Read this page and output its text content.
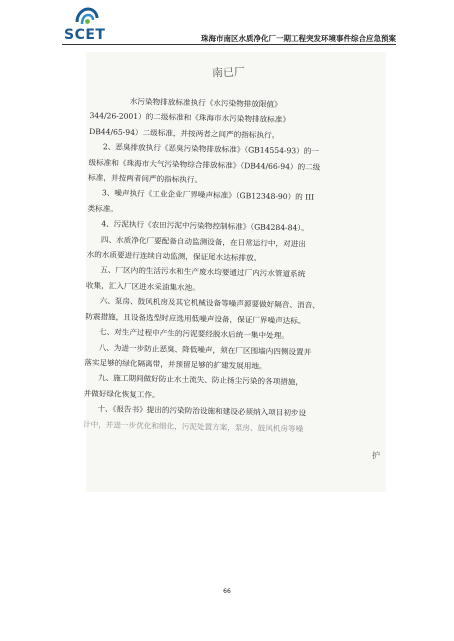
SCET	珠海市南区水质净化厂一期工程突发环境事件综合应急预案
南已厂
水污染物排放标准执行《水污染物排放限值》
344/26-2001）的二级标准和《珠海市水污染物排放标准》
DB44/65-94）二级标准，并按两者之间严的指标执行。
2、恶臭排放执行《恶臭污染物排放标准》（GB14554-93）的一
级标准和《珠海市大气污染物综合排放标准》（DB44/66-94）的二级
标准，并按两者间严的指标执行。
3、噪声执行《工业企业厂界噪声标准》（GB12348-90）的 III
类标准。
4、污泥执行《农田污泥中污染物控制标准》（GB4284-84）。
四、水质净化厂要配备自动监测设备，在日常运行中，对进出
水的水质要进行连续自动监测，保证尾水达标排放。
五、厂区内的生活污水和生产废水均要通过厂内污水管道系统
收集，汇入厂区进水采油集水池。
六、泵房、鼓风机房及其它机械设备等噪声源要做好隔音、消音、
防震措施，且设备选型时应选用低噪声设备，保证厂界噪声达标。
七、对生产过程中产生的污泥要经脱水后统一集中处理。
八、为进一步防止恶臭、降低噪声，须在厂区围墙内四侧设置并
落实足够的绿化隔离带，并预留足够的扩建发展用地。
九、施工期间做好防止水土流失、防止扬尘污染的各项措施，
并做好绿化恢复工作。
十、《报告书》提出的污染防治设施和建设必须纳入项目初步设
计中，并进一步优化和细化，污泥处置方案，泵房、鼓风机房等噪
护
66
